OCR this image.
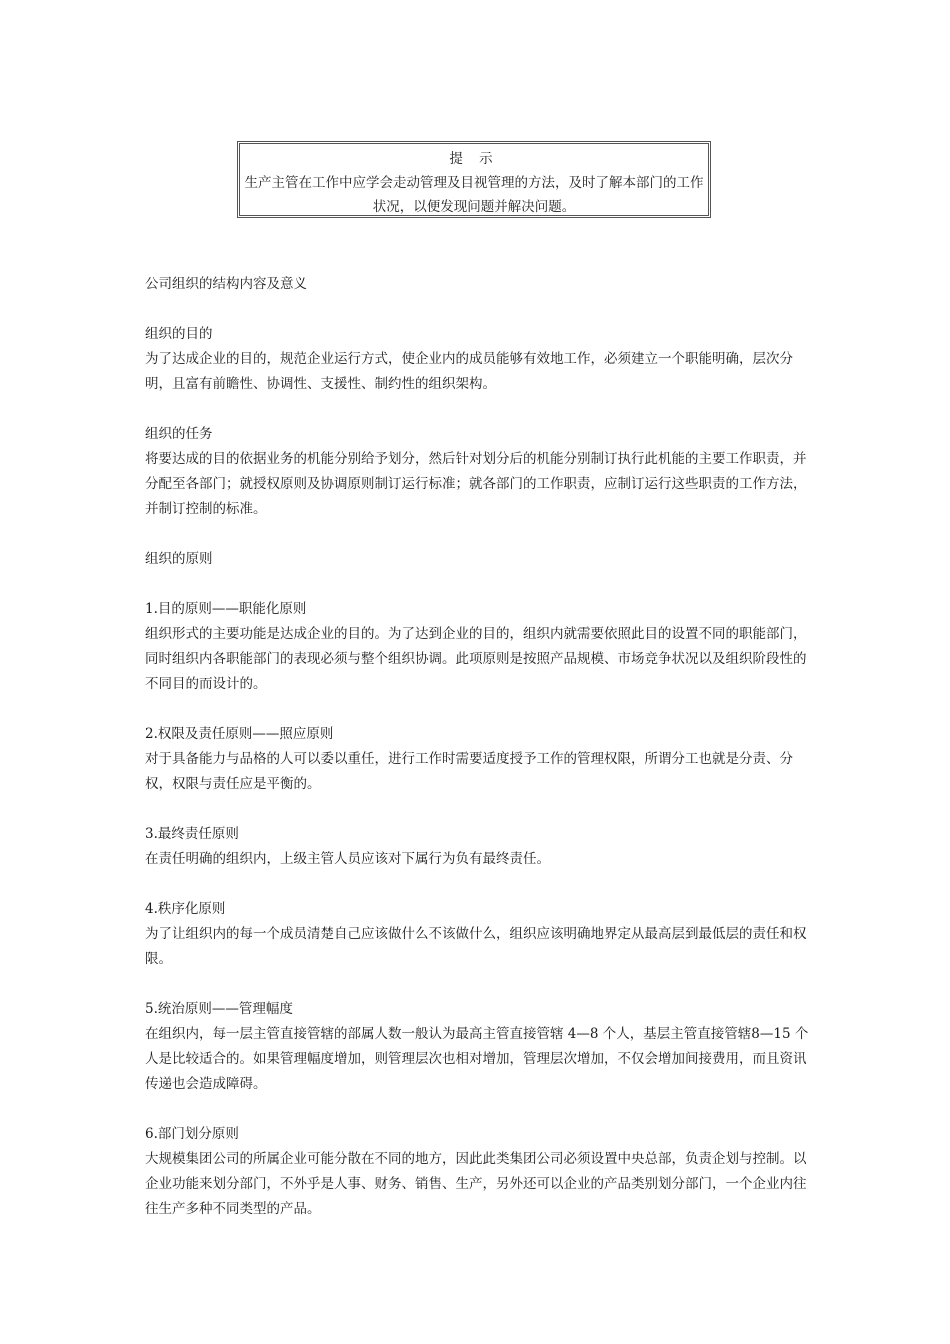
提 示
生产主管在工作中应学会走动管理及目视管理的方法，及时了解本部门的工作状况，以便发现问题并解决问题。

公司组织的结构内容及意义

组织的目的

为了达成企业的目的，规范企业运行方式，使企业内的成员能够有效地工作，必须建立一个职能明确，层次分明，且富有前瞻性、协调性、支援性、制约性的组织架构。

组织的任务

将要达成的目的依据业务的机能分别给予划分，然后针对划分后的机能分别制订执行此机能的主要工作职责，并分配至各部门；就授权原则及协调原则制订运行标准；就各部门的工作职责，应制订运行这些职责的工作方法，并制订控制的标准。

组织的原则

1.目的原则——职能化原则

组织形式的主要功能是达成企业的目的。为了达到企业的目的，组织内就需要依照此目的设置不同的职能部门，同时组织内各职能部门的表现必须与整个组织协调。此项原则是按照产品规模、市场竞争状况以及组织阶段性的不同目的而设计的。

2.权限及责任原则——照应原则

对于具备能力与品格的人可以委以重任，进行工作时需要适度授予工作的管理权限，所谓分工也就是分责、分权，权限与责任应是平衡的。

3.最终责任原则

在责任明确的组织内，上级主管人员应该对下属行为负有最终责任。

4.秩序化原则

为了让组织内的每一个成员清楚自己应该做什么不该做什么，组织应该明确地界定从最高层到最低层的责任和权限。

5.统治原则——管理幅度

在组织内，每一层主管直接管辖的部属人数一般认为最高主管直接管辖 4—8 个人，基层主管直接管辖8—15 个人是比较适合的。如果管理幅度增加，则管理层次也相对增加，管理层次增加，不仅会增加间接费用，而且资讯传递也会造成障碍。

6.部门划分原则

大规模集团公司的所属企业可能分散在不同的地方，因此此类集团公司必须设置中央总部，负责企划与控制。以企业功能来划分部门，不外乎是人事、财务、销售、生产，另外还可以企业的产品类别划分部门，一个企业内往往生产多种不同类型的产品。
